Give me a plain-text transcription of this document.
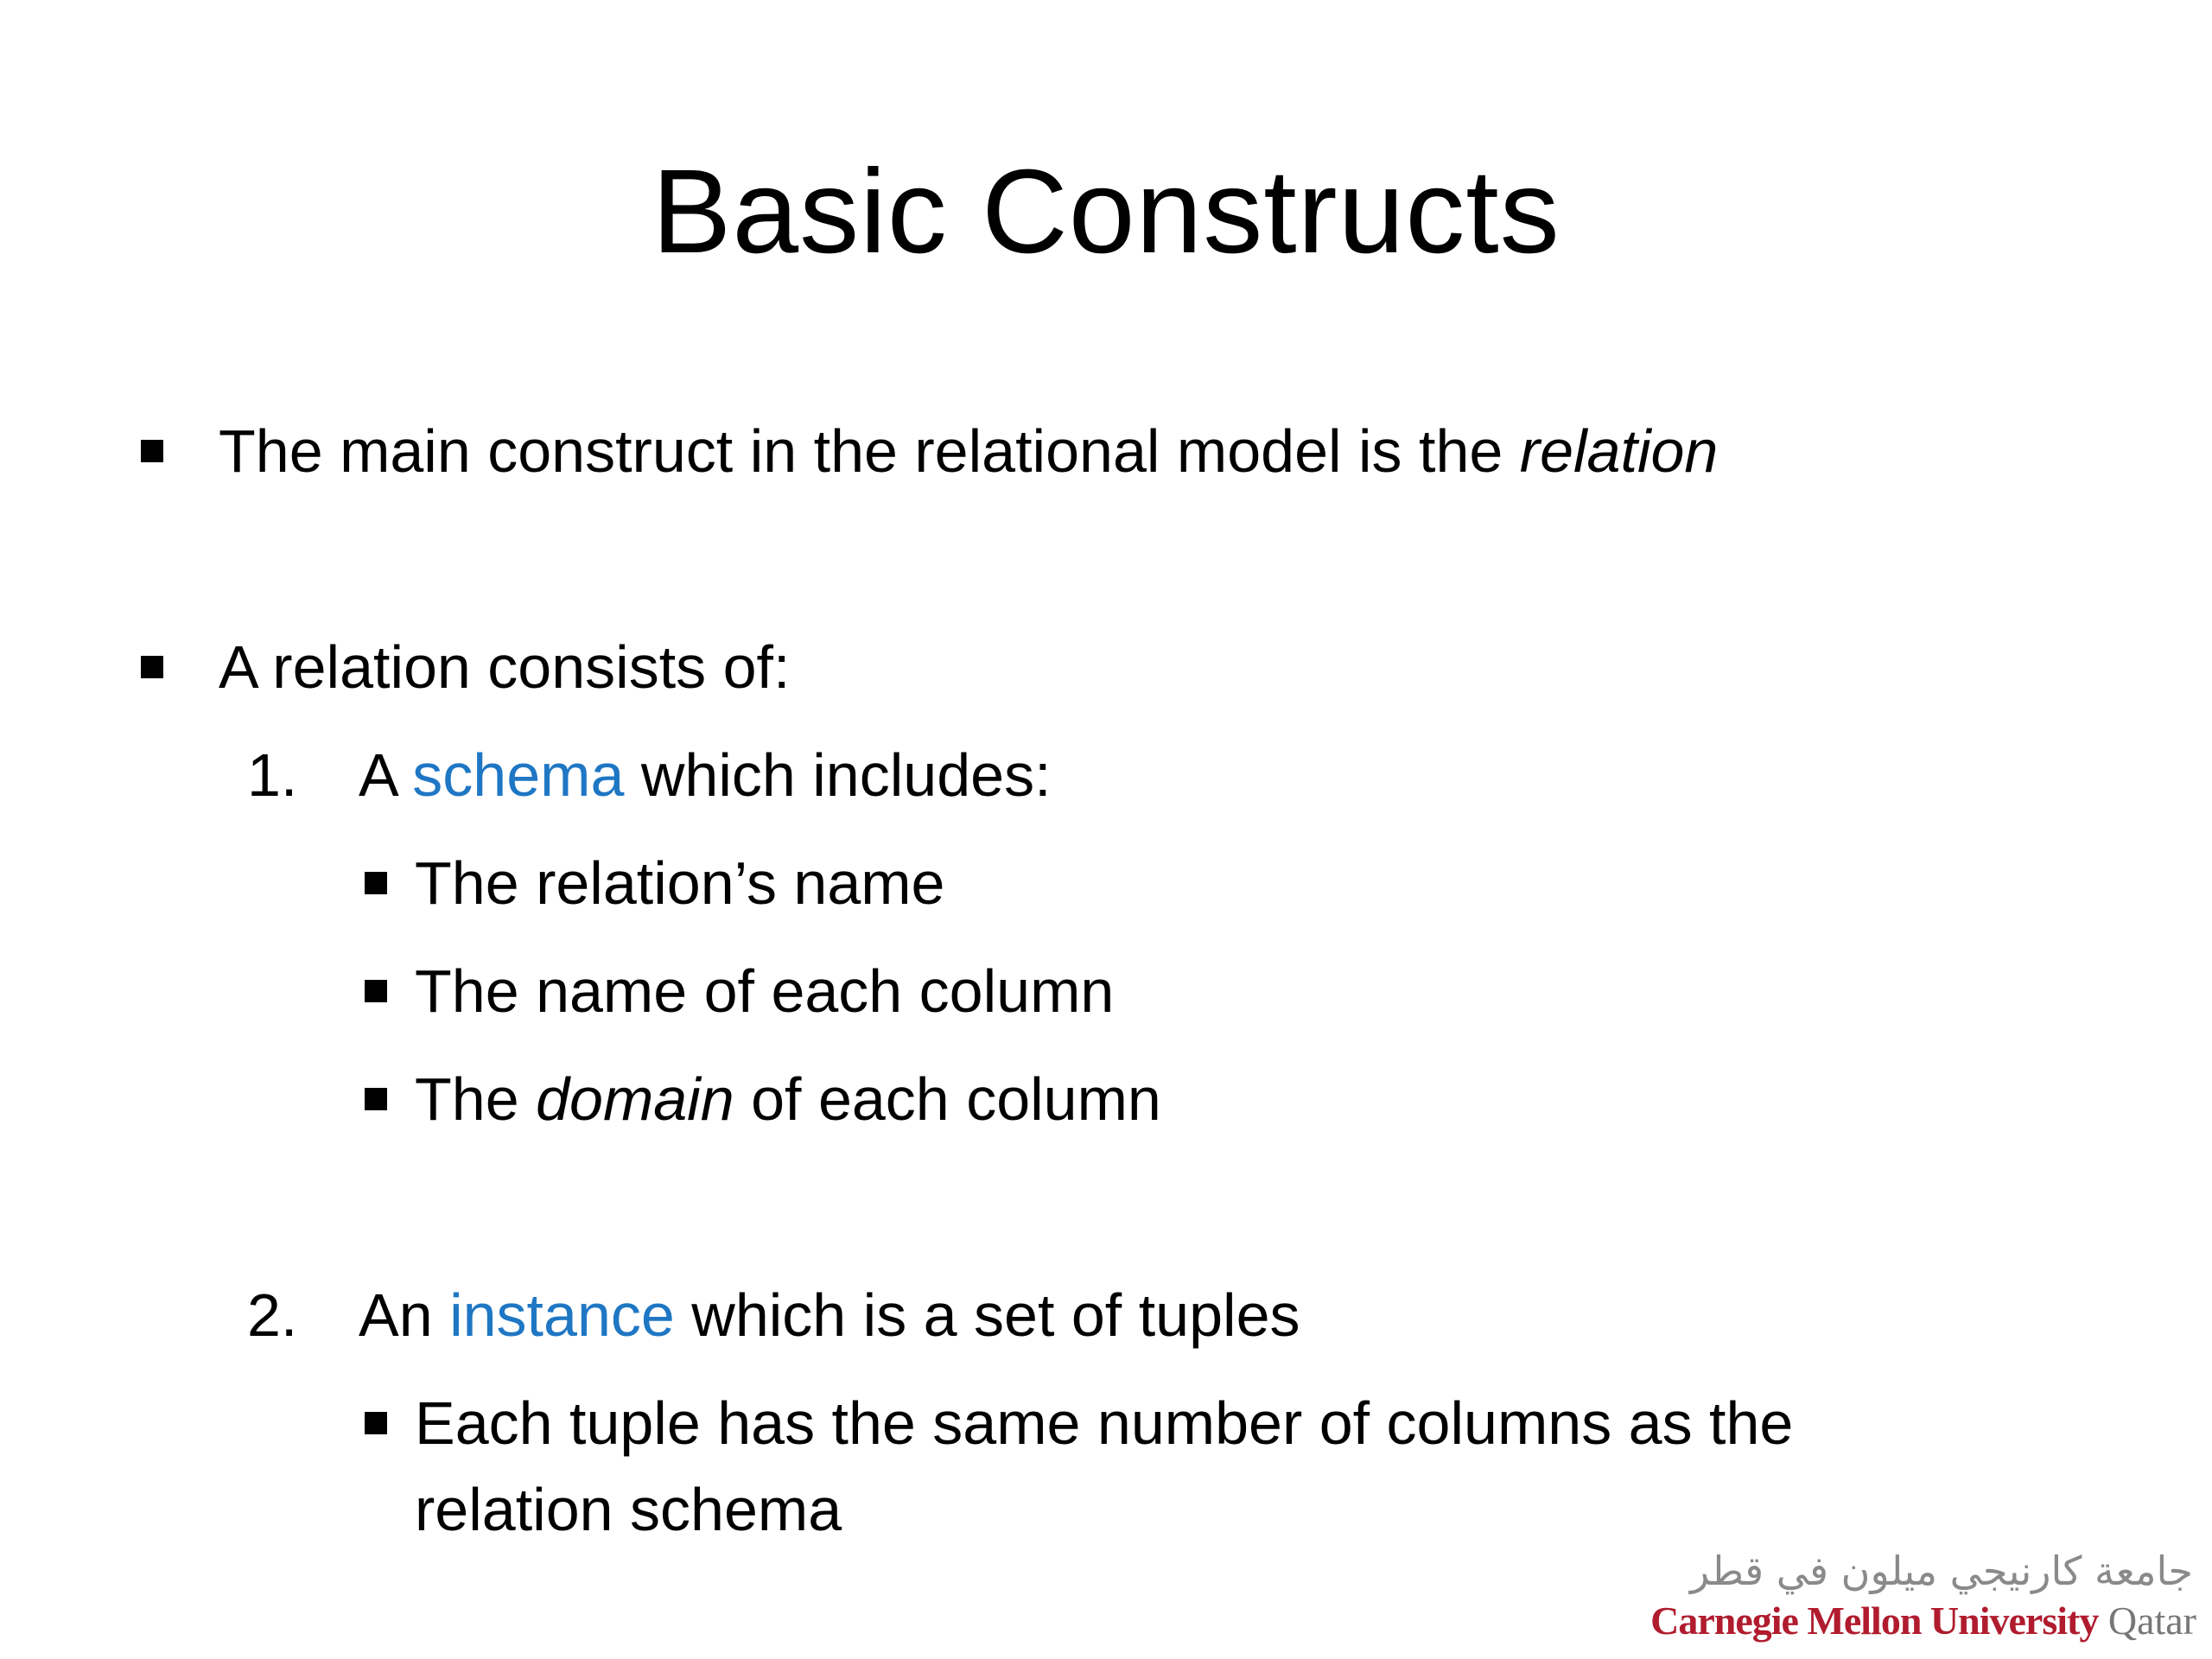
Basic Constructs
The main construct in the relational model is the relation
A relation consists of:
1. A schema which includes:
The relation’s name
The name of each column
The domain of each column
2. An instance which is a set of tuples
Each tuple has the same number of columns as the
relation schema
جامعة كارنيجي ميلون في قطر
Carnegie Mellon University Qatar
